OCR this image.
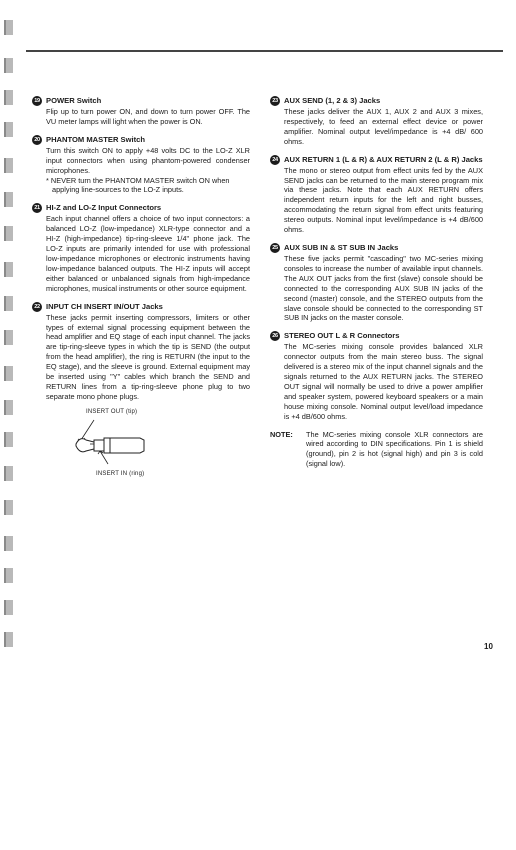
19 POWER Switch
Flip up to turn power ON, and down to turn power OFF. The VU meter lamps will light when the power is ON.
20 PHANTOM MASTER Switch
Turn this switch ON to apply +48 volts DC to the LO-Z XLR input connectors when using phantom-powered condenser microphones.
* NEVER turn the PHANTOM MASTER switch ON when applying line-sources to the LO-Z inputs.
21 HI-Z and LO-Z Input Connectors
Each input channel offers a choice of two input connectors: a balanced LO-Z (low-impedance) XLR-type connector and a HI-Z (high-impedance) tip-ring-sleeve 1/4" phone jack. The LO-Z inputs are primarily intended for use with professional low-impedance microphones or electronic instruments having low-impedance balanced outputs. The HI-Z inputs will accept either balanced or unbalanced signals from high-impedance microphones, musical instruments or other source equipment.
22 INPUT CH INSERT IN/OUT Jacks
These jacks permit inserting compressors, limiters or other types of external signal processing equipment between the head amplifier and EQ stage of each input channel. The jacks are tip-ring-sleeve types in which the tip is SEND (the output from the head amplifier), the ring is RETURN (the input to the EQ stage), and the sleeve is ground. External equipment may be inserted using "Y" cables which branch the SEND and RETURN lines from a tip-ring-sleeve phone plug to two separate mono phone plugs.
INSERT OUT (tip)
INSERT IN (ring)
23 AUX SEND (1, 2 & 3) Jacks
These jacks deliver the AUX 1, AUX 2 and AUX 3 mixes, respectively, to feed an external effect device or power amplifier. Nominal output level/impedance is +4 dB/ 600 ohms.
24 AUX RETURN 1 (L & R) & AUX RETURN 2 (L & R) Jacks
The mono or stereo output from effect units fed by the AUX SEND jacks can be returned to the main stereo program mix via these jacks. Note that each AUX RETURN offers independent return inputs for the left and right busses, accommodating the return signal from effect units featuring stereo outputs. Nominal input level/impedance is +4 dB/600 ohms.
25 AUX SUB IN & ST SUB IN Jacks
These five jacks permit "cascading" two MC-series mixing consoles to increase the number of available input channels. The AUX OUT jacks from the first (slave) console should be connected to the corresponding AUX SUB IN jacks of the second (master) console, and the STEREO outputs from the slave console should be connected to the corresponding ST SUB IN jacks on the master console.
26 STEREO OUT L & R Connectors
The MC-series mixing console provides balanced XLR connector outputs from the main stereo buss. The signal delivered is a stereo mix of the input channel signals and the signals returned to the AUX RETURN jacks. The STEREO OUT signal will normally be used to drive a power amplifier and speaker system, powered keyboard speakers or a main house mixing console. Nominal output level/load impedance is +4 dB/600 ohms.
NOTE:	The MC-series mixing console XLR connectors are wired according to DIN specifications. Pin 1 is shield (ground), pin 2 is hot (signal high) and pin 3 is cold (signal low).
10
